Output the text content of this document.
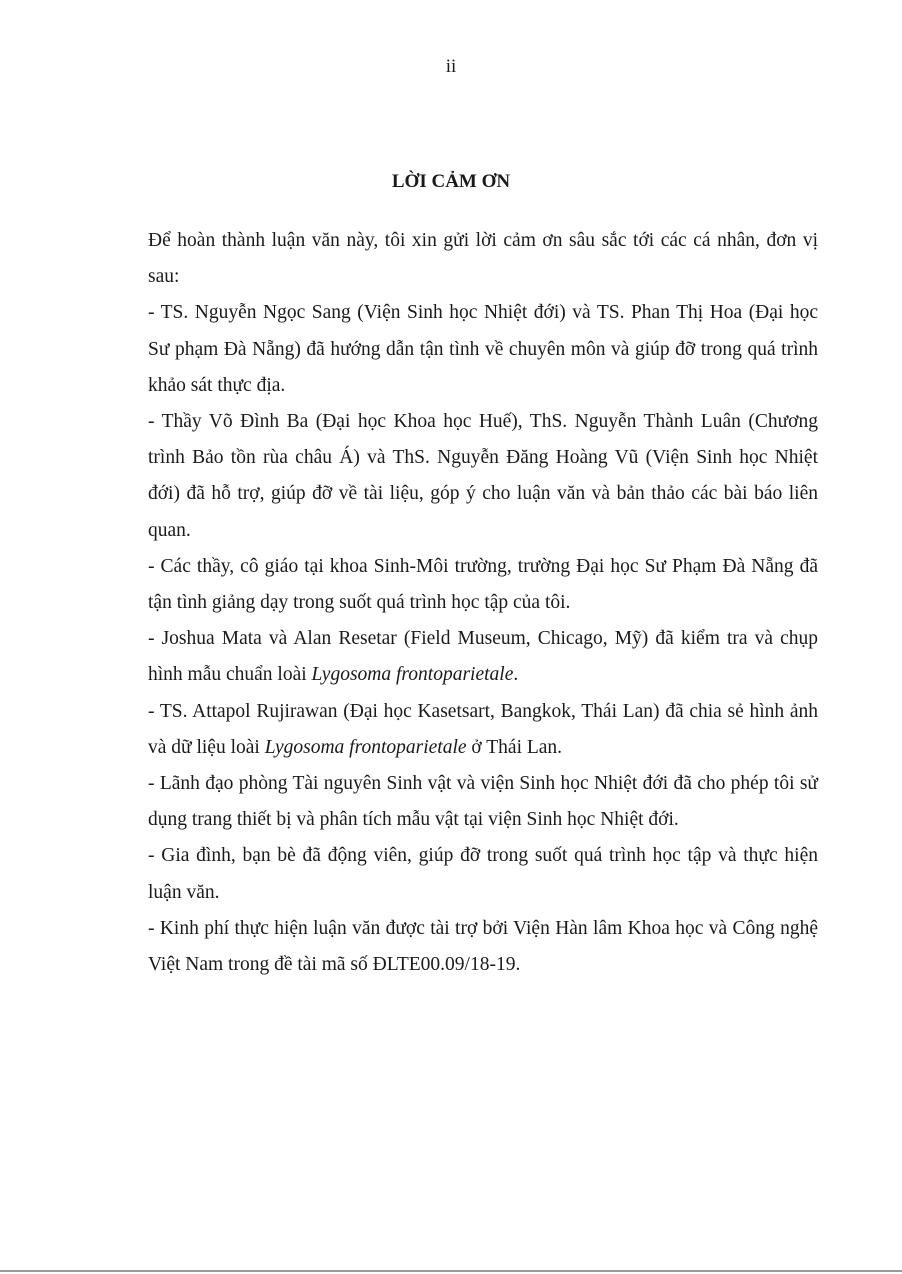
ii

LỜI CẢM ƠN

Để hoàn thành luận văn này, tôi xin gửi lời cảm ơn sâu sắc tới các cá nhân, đơn vị sau:

- TS. Nguyễn Ngọc Sang (Viện Sinh học Nhiệt đới) và TS. Phan Thị Hoa (Đại học Sư phạm Đà Nẵng) đã hướng dẫn tận tình về chuyên môn và giúp đỡ trong quá trình khảo sát thực địa.

- Thầy Võ Đình Ba (Đại học Khoa học Huế), ThS. Nguyễn Thành Luân (Chương trình Bảo tồn rùa châu Á) và ThS. Nguyễn Đăng Hoàng Vũ (Viện Sinh học Nhiệt đới) đã hỗ trợ, giúp đỡ về tài liệu, góp ý cho luận văn và bản thảo các bài báo liên quan.

- Các thầy, cô giáo tại khoa Sinh-Môi trường, trường Đại học Sư Phạm Đà Nẵng đã tận tình giảng dạy trong suốt quá trình học tập của tôi.

- Joshua Mata và Alan Resetar (Field Museum, Chicago, Mỹ) đã kiểm tra và chụp hình mẫu chuẩn loài Lygosoma frontoparietale.

- TS. Attapol Rujirawan (Đại học Kasetsart, Bangkok, Thái Lan) đã chia sẻ hình ảnh và dữ liệu loài Lygosoma frontoparietale ở Thái Lan.

- Lãnh đạo phòng Tài nguyên Sinh vật và viện Sinh học Nhiệt đới đã cho phép tôi sử dụng trang thiết bị và phân tích mẫu vật tại viện Sinh học Nhiệt đới.

- Gia đình, bạn bè đã động viên, giúp đỡ trong suốt quá trình học tập và thực hiện luận văn.

- Kinh phí thực hiện luận văn được tài trợ bởi Viện Hàn lâm Khoa học và Công nghệ Việt Nam trong đề tài mã số ĐLTE00.09/18-19.
